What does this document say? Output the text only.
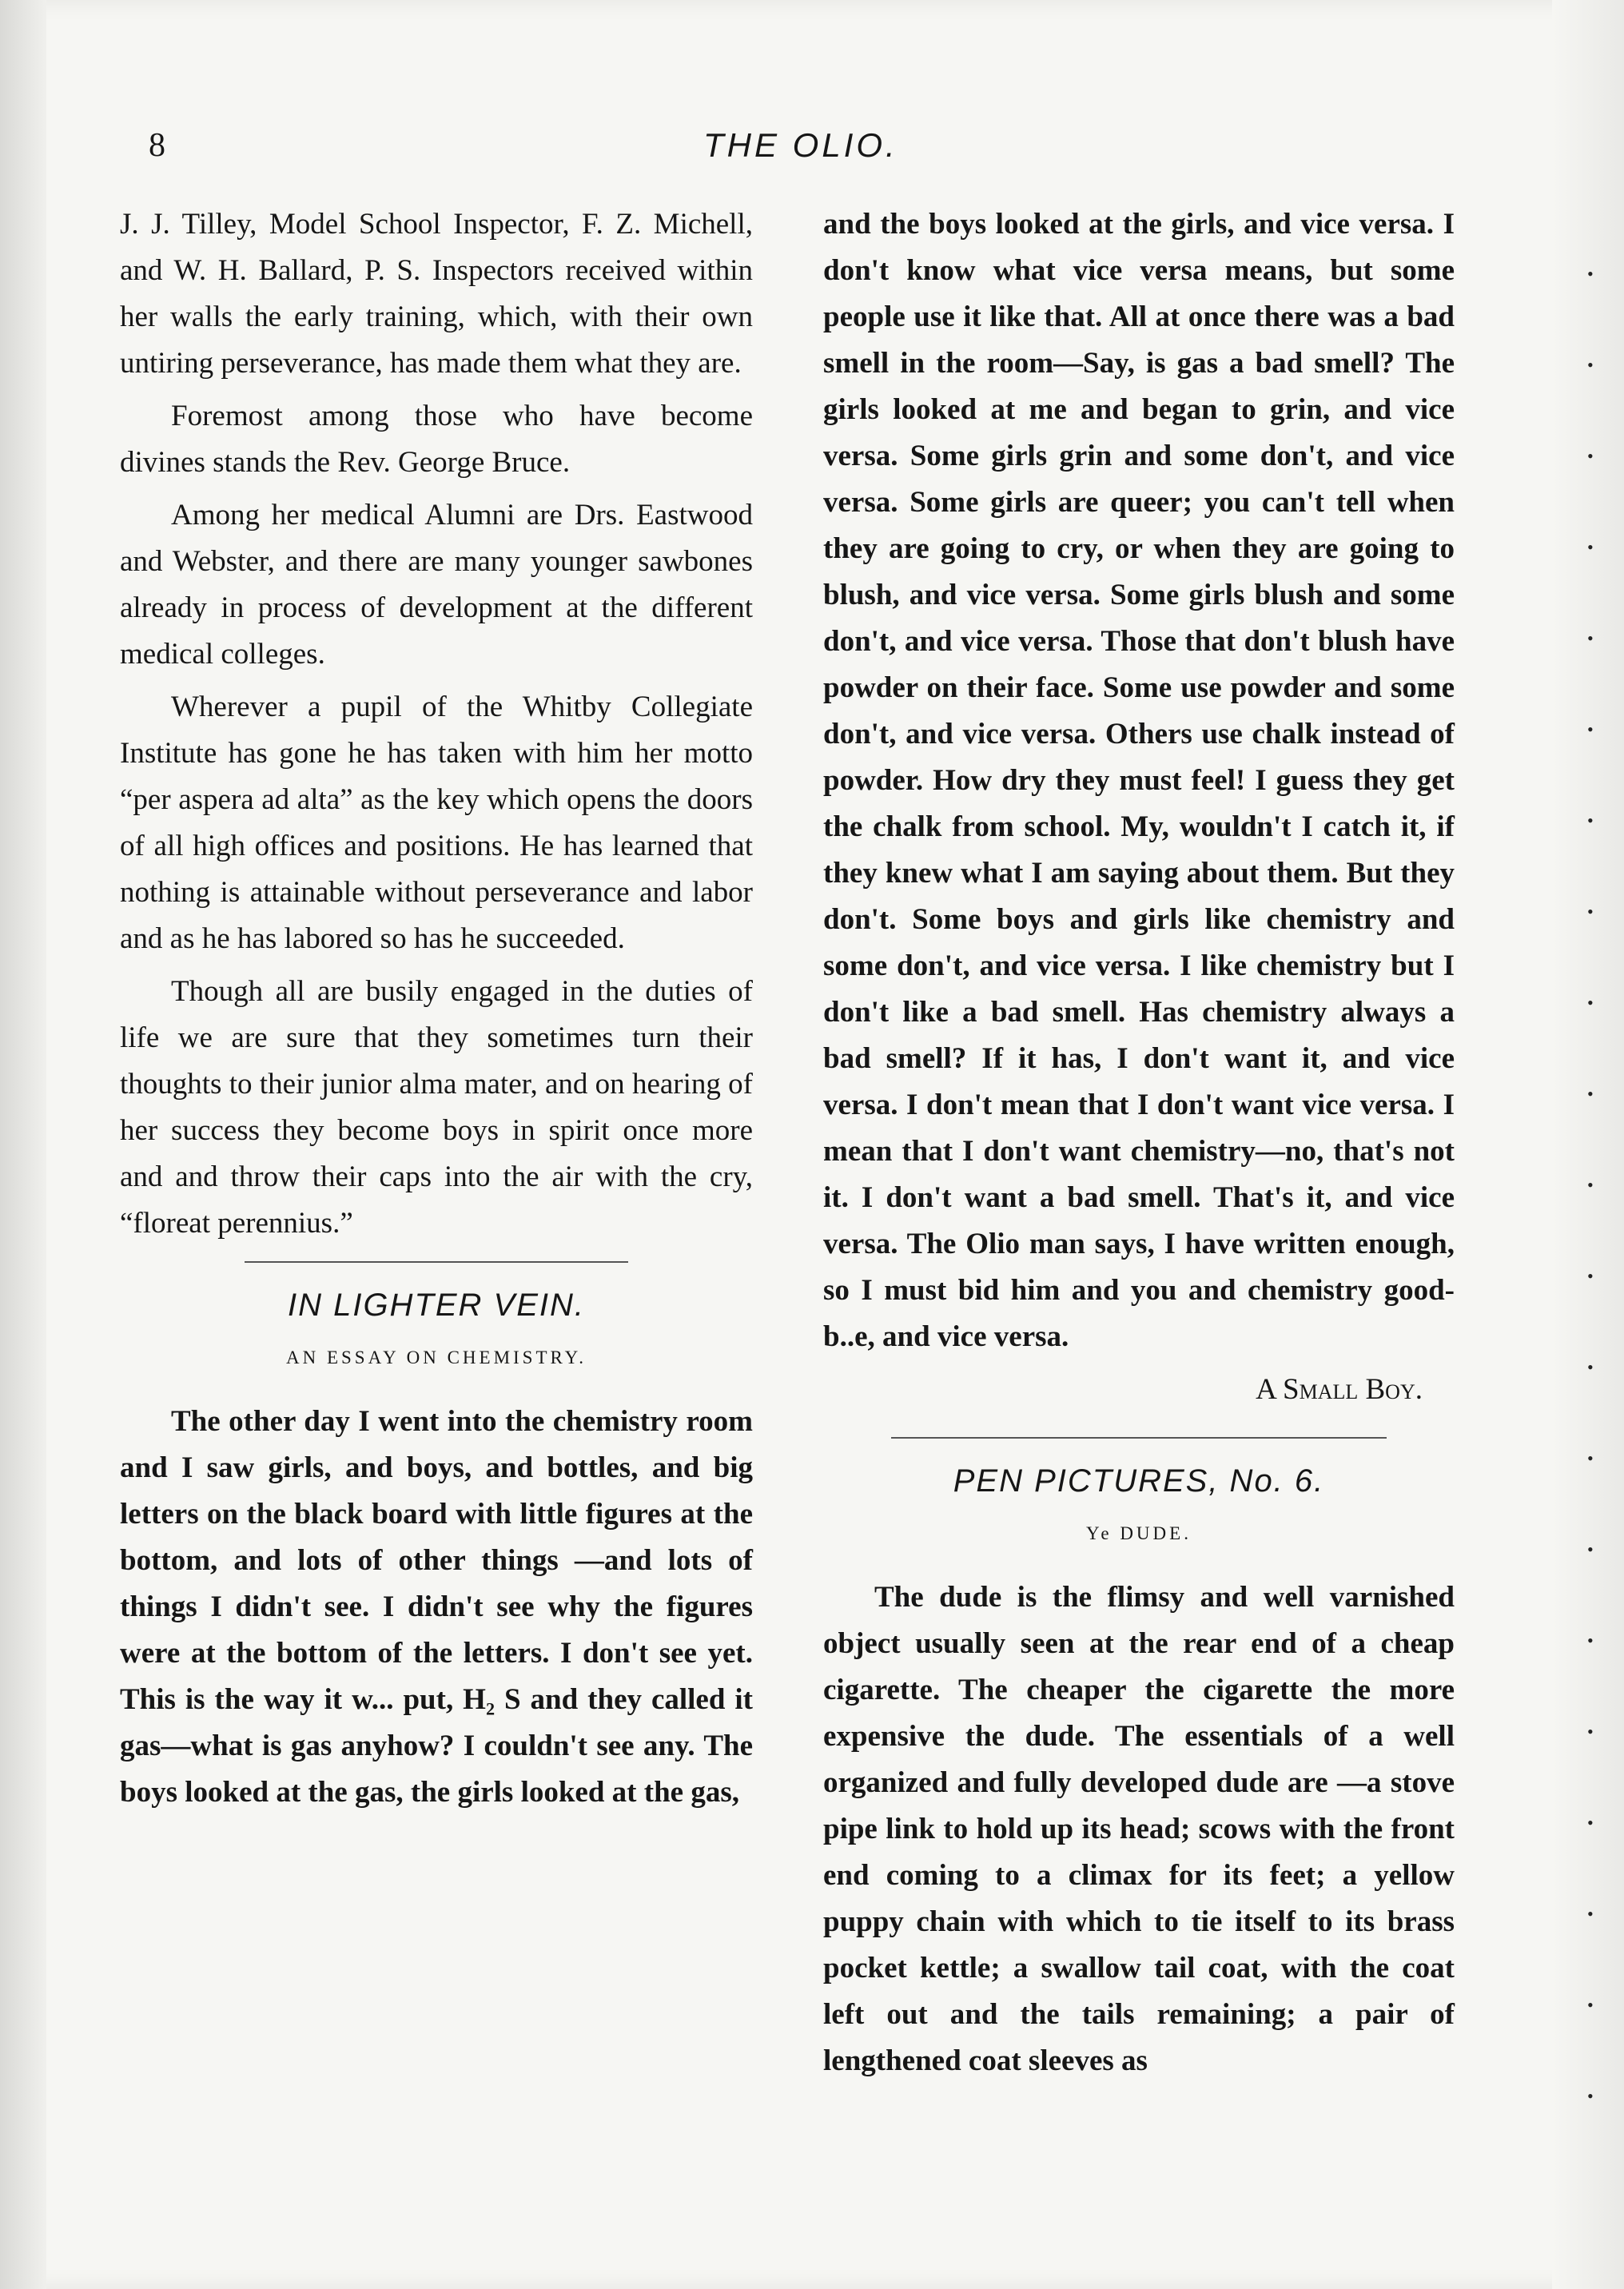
8	THE OLIO.

J. J. Tilley, Model School Inspector, F. Z. Michell, and W. H. Ballard, P. S. Inspectors received within her walls the early training, which, with their own untiring perseverance, has made them what they are.

Foremost among those who have become divines stands the Rev. George Bruce.

Among her medical Alumni are Drs. Eastwood and Webster, and there are many younger sawbones already in process of development at the different medical colleges.

Wherever a pupil of the Whitby Collegiate Institute has gone he has taken with him her motto “per aspera ad alta” as the key which opens the doors of all high offices and positions. He has learned that nothing is attainable without perseverance and labor and as he has labored so has he succeeded.

Though all are busily engaged in the duties of life we are sure that they sometimes turn their thoughts to their junior alma mater, and on hearing of her success they become boys in spirit once more and and throw their caps into the air with the cry, “floreat perennius.”

IN LIGHTER VEIN.
AN ESSAY ON CHEMISTRY.

The other day I went into the chemistry room and I saw girls, and boys, and bottles, and big letters on the black board with little figures at the bottom, and lots of other things —and lots of things I didn't see. I didn't see why the figures were at the bottom of the letters. I don't see yet. This is the way it w... put, H₂ S and they called it gas—what is gas anyhow? I couldn't see any. The boys looked at the gas, the girls looked at the gas,

and the boys looked at the girls, and vice versa. I don't know what vice versa means, but some people use it like that. All at once there was a bad smell in the room—Say, is gas a bad smell? The girls looked at me and began to grin, and vice versa. Some girls grin and some don't, and vice versa. Some girls are queer; you can't tell when they are going to cry, or when they are going to blush, and vice versa. Some girls blush and some don't, and vice versa. Those that don't blush have powder on their face. Some use powder and some don't, and vice versa. Others use chalk instead of powder. How dry they must feel! I guess they get the chalk from school. My, wouldn't I catch it, if they knew what I am saying about them. But they don't. Some boys and girls like chemistry and some don't, and vice versa. I like chemistry but I don't like a bad smell. Has chemistry always a bad smell? If it has, I don't want it, and vice versa. I don't mean that I don't want vice versa. I mean that I don't want chemistry—no, that's not it. I don't want a bad smell. That's it, and vice versa. The Olio man says, I have written enough, so I must bid him and you and chemistry good-b..e, and vice versa.

A Small Boy.
PEN PICTURES, No. 6.
Ye DUDE.

The dude is the flimsy and well varnished object usually seen at the rear end of a cheap cigarette. The cheaper the cigarette the more expensive the dude. The essentials of a well organized and fully developed dude are —a stove pipe link to hold up its head; scows with the front end coming to a climax for its feet; a yellow puppy chain with which to tie itself to its brass pocket kettle; a swallow tail coat, with the coat left out and the tails remaining; a pair of lengthened coat sleeves as

•
•
•
•
•
•
•
•
•
•
•
•
•
•
•
•
•
•
•
•
•
